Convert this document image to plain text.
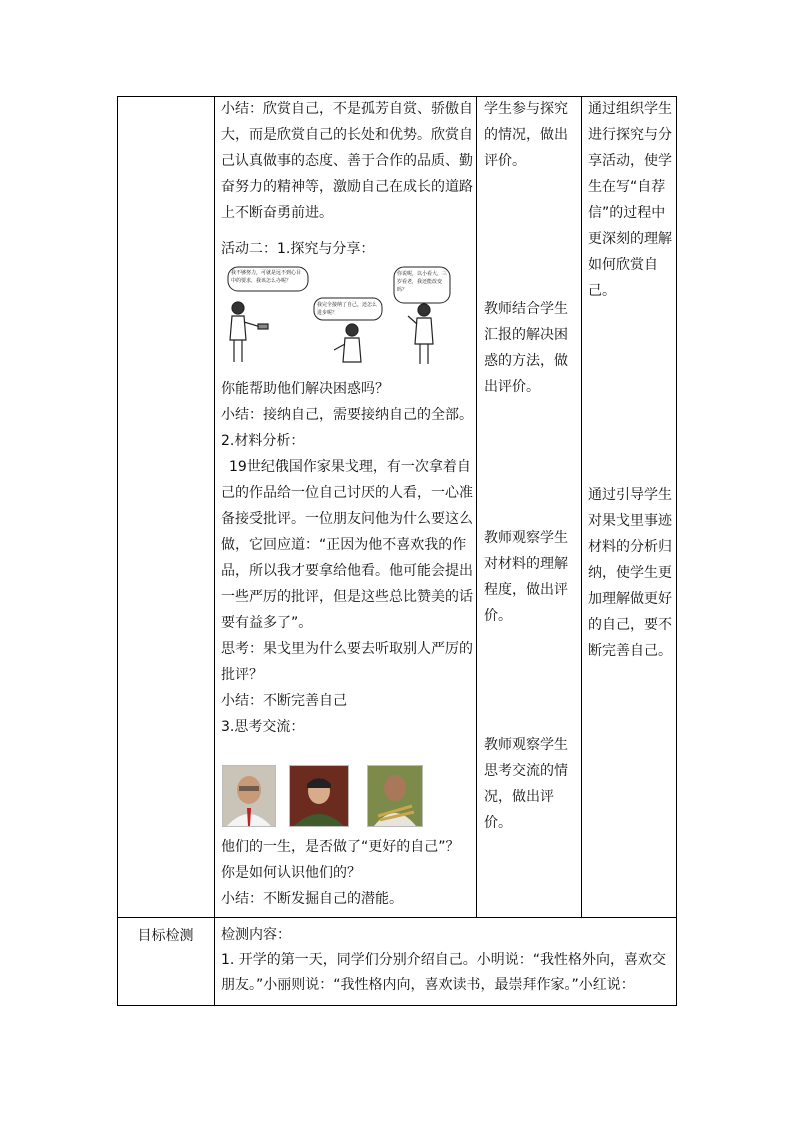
小结：欣赏自己，不是孤芳自赏、骄傲自大，而是欣赏自己的长处和优势。欣赏自己认真做事的态度、善于合作的品质、勤奋努力的精神等，激励自己在成长的道路上不断奋勇前进。

活动二：1.探究与分享：

我不够努力，可就是远不到心目中的要求，我该怎么办呢？
我完全接纳了自己，还怎么进步呢？
你说呢，以小看大，三岁看老，我还能改变吗？

你能帮助他们解决困惑吗？

小结：接纳自己，需要接纳自己的全部。

2.材料分析：

19世纪俄国作家果戈理，有一次拿着自己的作品给一位自己讨厌的人看，一心准备接受批评。一位朋友问他为什么要这么做，它回应道：“正因为他不喜欢我的作品，所以我才要拿给他看。他可能会提出一些严厉的批评，但是这些总比赞美的话要有益多了”。

思考：果戈里为什么要去听取别人严厉的批评？

小结：不断完善自己

3.思考交流：

他们的一生，是否做了“更好的自己”？你是如何认识他们的？

小结：不断发掘自己的潜能。

学生参与探究的情况，做出评价。

教师结合学生汇报的解决困惑的方法，做出评价。

教师观察学生对材料的理解程度，做出评价。

教师观察学生思考交流的情况，做出评价。

通过组织学生进行探究与分享活动，使学生在写“自荐信”的过程中更深刻的理解如何欣赏自己。

通过引导学生对果戈里事迹材料的分析归纳，使学生更加理解做更好的自己，要不断完善自己。

目标检测	检测内容：

1. 开学的第一天，同学们分别介绍自己。小明说：“我性格外向，喜欢交朋友。”小丽则说：“我性格内向，喜欢读书，最崇拜作家。”小红说：
